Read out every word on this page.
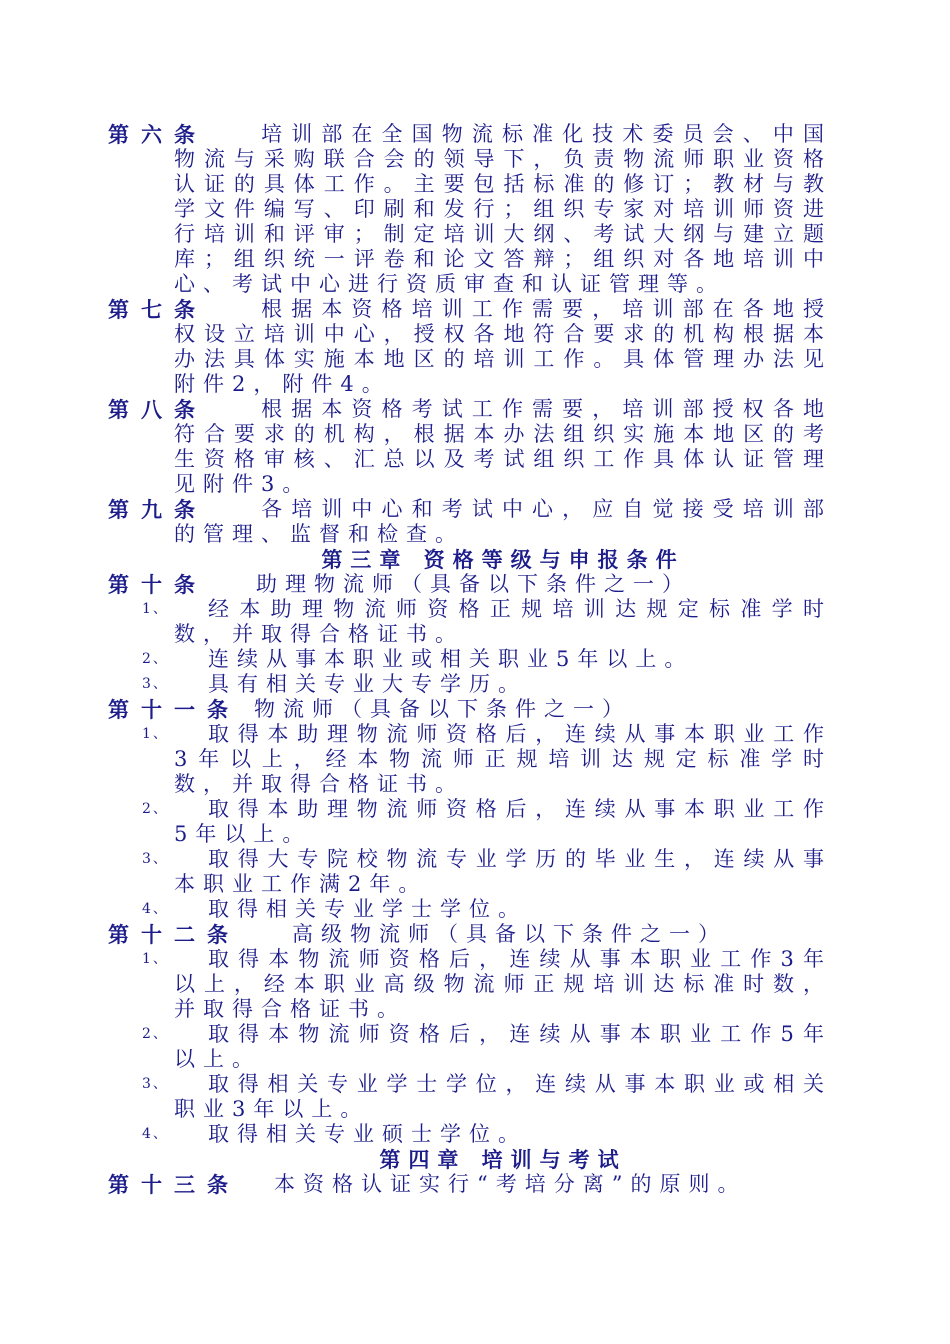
第六条	培训部在全国物流标准化技术委员会、中国物流与采购联合会的领导下，负责物流师职业资格认证的具体工作。主要包括标准的修订；教材与教学文件编写、印刷和发行；组织专家对培训师资进行培训和评审；制定培训大纲、考试大纲与建立题库；组织统一评卷和论文答辩；组织对各地培训中心、考试中心进行资质审查和认证管理等。
第七条	根据本资格培训工作需要，培训部在各地授权设立培训中心，授权各地符合要求的机构根据本办法具体实施本地区的培训工作。具体管理办法见附件2，附件4。
第八条	根据本资格考试工作需要，培训部授权各地符合要求的机构，根据本办法组织实施本地区的考生资格审核、汇总以及考试组织工作具体认证管理见附件3。
第九条	各培训中心和考试中心，应自觉接受培训部的管理、监督和检查。
第三章 资格等级与申报条件
第十条	助理物流师（具备以下条件之一）
1、	经本助理物流师资格正规培训达规定标准学时数，并取得合格证书。
2、	连续从事本职业或相关职业5年以上。
3、	具有相关专业大专学历。
第十一条 物流师（具备以下条件之一）
1、	取得本助理物流师资格后，连续从事本职业工作3年以上，经本物流师正规培训达规定标准学时数，并取得合格证书。
2、	取得本助理物流师资格后，连续从事本职业工作5年以上。
3、	取得大专院校物流专业学历的毕业生，连续从事本职业工作满2年。
4、	取得相关专业学士学位。
第十二条	高级物流师（具备以下条件之一）
1、	取得本物流师资格后，连续从事本职业工作3年以上，经本职业高级物流师正规培训达标准时数，并取得合格证书。
2、	取得本物流师资格后，连续从事本职业工作5年以上。
3、	取得相关专业学士学位，连续从事本职业或相关职业3年以上。
4、	取得相关专业硕士学位。
第四章 培训与考试
第十三条	本资格认证实行“考培分离”的原则。
